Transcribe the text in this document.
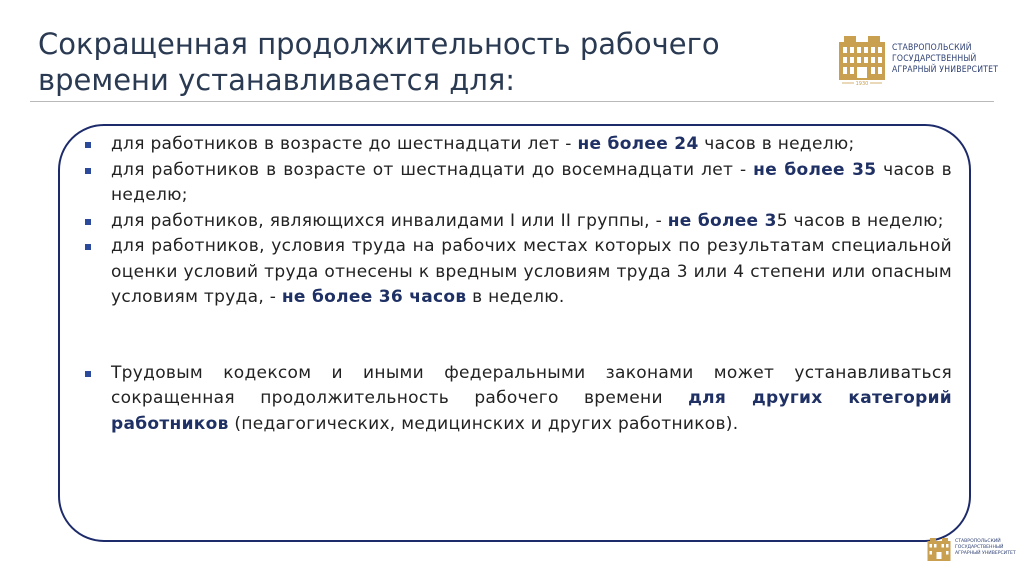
Сокращенная продолжительность рабочего
времени устанавливается для:	1930
СТАВРОПОЛЬСКИЙ
ГОСУДАРСТВЕННЫЙ
АГРАРНЫЙ УНИВЕРСИТЕТ
для работников в возрасте до шестнадцати лет - не более 24 часов в неделю;
для работников в возрасте от шестнадцати до восемнадцати лет - не более 35 часов в неделю;
для работников, являющихся инвалидами I или II группы, - не более 35 часов в неделю;
для работников, условия труда на рабочих местах которых по результатам специальной оценки условий труда отнесены к вредным условиям труда 3 или 4 степени или опасным условиям труда, - не более 36 часов в неделю.
Трудовым кодексом и иными федеральными законами может устанавливаться сокращенная продолжительность рабочего времени для других категорий работников (педагогических, медицинских и других работников).
СТАВРОПОЛЬСКИЙ
ГОСУДАРСТВЕННЫЙ
АГРАРНЫЙ УНИВЕРСИТЕТ
